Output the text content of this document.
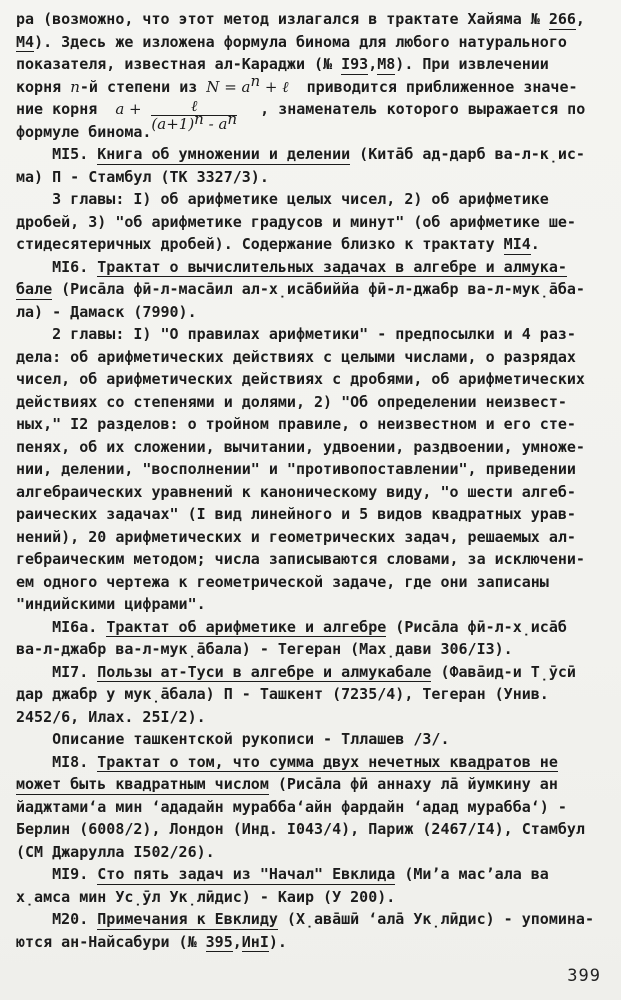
ра (возможно, что этот метод излагался в трактате Хайяма № 266,
М4). Здесь же изложена формула бинома для любого натурального
показателя, известная ал-Караджи (№ I93,М8). При извлечении
корня n-й степени из $N = a^n$ + ℓ  приводится приближенное значе-
ние корня  $a + \frac{\text{ℓ}}{(a+1)^n - a^n}$ , знаменатель которого выражается по
формуле бинома.
МI5. Книга об умножении и делении (Китāб ад-дарб ва-л-к̣ис-
ма) П - Стамбул (ТК 3327/3).
3 главы: I) об арифметике целых чисел, 2) об арифметике
дробей, 3) "об арифметике градусов и минут" (об арифметике ше-
стидесятеричных дробей). Содержание близко к трактату МI4.
МI6. Трактат о вычислительных задачах в алгебре и алмука-
бале (Рисāла фӣ-л-масāил ал-х̣исāбиййа фӣ-л-джабр ва-л-мук̣āба-
ла) - Дамаск (7990).
2 главы: I) "О правилах арифметики" - предпосылки и 4 раз-
дела: об арифметических действиях с целыми числами, о разрядах
чисел, об арифметических действиях с дробями, об арифметических
действиях со степенями и долями, 2) "Об определении неизвест-
ных," I2 разделов: о тройном правиле, о неизвестном и его сте-
пенях, об их сложении, вычитании, удвоении, раздвоении, умноже-
нии, делении, "восполнении" и "противопоставлении", приведении
алгебраических уравнений к каноническому виду, "о шести алгеб-
раических задачах" (I вид линейного и 5 видов квадратных урав-
нений), 20 арифметических и геометрических задач, решаемых ал-
гебраическим методом; числа записываются словами, за исключени-
ем одного чертежа к геометрической задаче, где они записаны
"индийскими цифрами".
МI6а. Трактат об арифметике и алгебре (Рисāла фӣ-л-х̣исāб
ва-л-джабр ва-л-мук̣āбала) - Тегеран (Мах̣дави 306/I3).
МI7. Пользы ат-Туси в алгебре и алмукабале (Фавāид-и Т̣ӯсӣ
дар джабр у мук̣āбала) П - Ташкент (7235/4), Тегеран (Унив.
2452/6, Илах. 25I/2).
Описание ташкентской рукописи - Тллашев /3/.
МI8. Трактат о том, что сумма двух нечетных квадратов не
может быть квадратным числом (Рисāла фӣ аннаху лā йумкину ан
йаджтами‘а мин ‘ададайн мурабба‘айн фардайн ‘адад мурабба‘) -
Берлин (6008/2), Лондон (Инд. I043/4), Париж (2467/I4), Стамбул
(СМ Джарулла I502/26).
МI9. Сто пять задач из "Начал" Евклида (Ми’а мас’ала ва
х̣амса мин Ус̣ӯл Ук̣лӣдис) - Каир (У 200).
М20. Примечания к Евклиду (Х̣авāшӣ ‘алā Ук̣лӣдис) - упомина-
ются ан-Найсабури (№ 395,ИнI).
399
